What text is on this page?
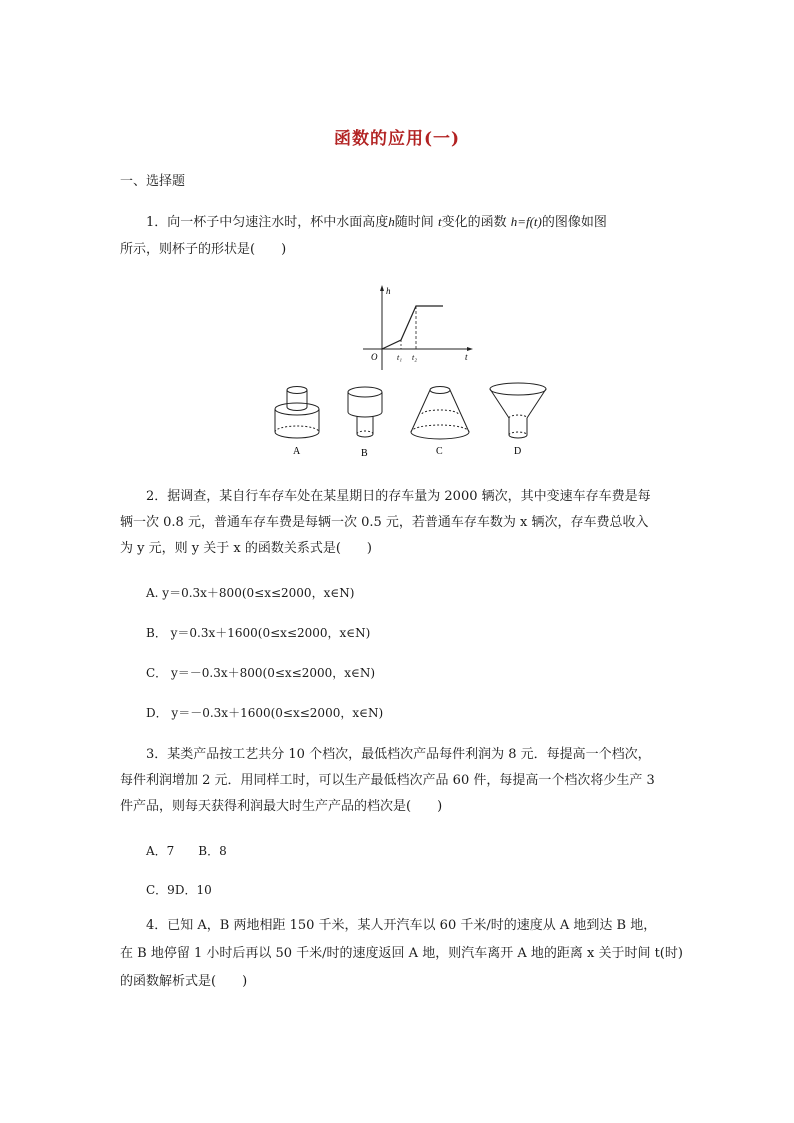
函数的应用(一)
一、选择题
1．向一杯子中匀速注水时，杯中水面高度h随时间 t变化的函数 h=f(t)的图像如图
所示，则杯子的形状是(　　)
h
t
O t₁ t₂
A	B	C	D
2．据调查，某自行车存车处在某星期日的存车量为 2000 辆次，其中变速车存车费是每
辆一次 0.8 元，普通车存车费是每辆一次 0.5 元，若普通车存车数为 x 辆次，存车费总收入
为 y 元，则 y 关于 x 的函数关系式是(　　)
A. y＝0.3x＋800(0≤x≤2000，x∈N)
B． y＝0.3x＋1600(0≤x≤2000，x∈N)
C． y＝－0.3x＋800(0≤x≤2000，x∈N)
D． y＝－0.3x＋1600(0≤x≤2000，x∈N)
3．某类产品按工艺共分 10 个档次，最低档次产品每件利润为 8 元．每提高一个档次，
每件利润增加 2 元．用同样工时，可以生产最低档次产品 60 件，每提高一个档次将少生产 3
件产品，则每天获得利润最大时生产产品的档次是(　　)
A．7　　B．8
C．9D．10
4．已知 A，B 两地相距 150 千米，某人开汽车以 60 千米/时的速度从 A 地到达 B 地，
在 B 地停留 1 小时后再以 50 千米/时的速度返回 A 地，则汽车离开 A 地的距离 x 关于时间 t(时)
的函数解析式是(　　)
